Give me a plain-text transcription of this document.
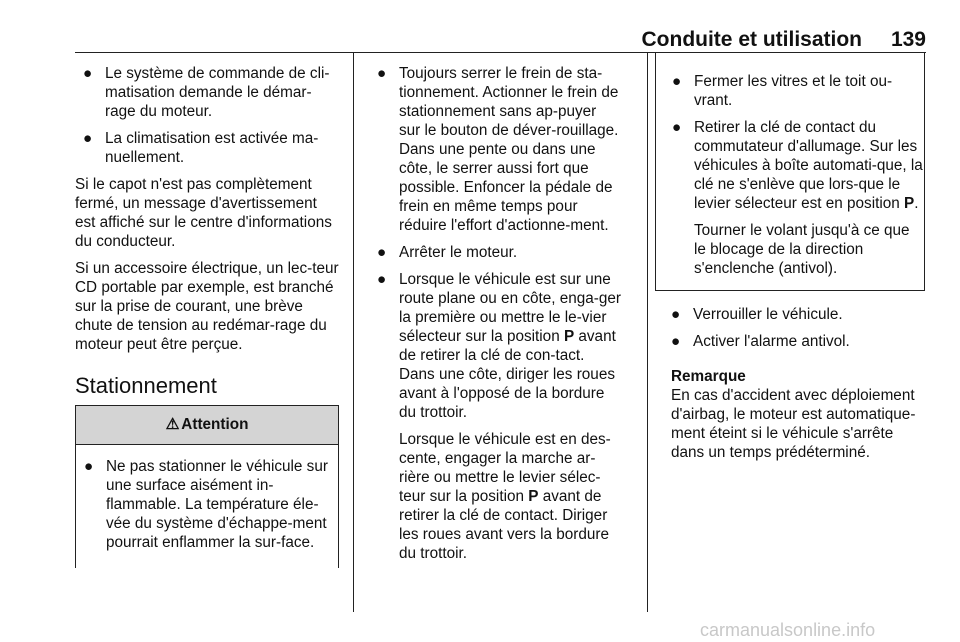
Conduite et utilisation 139
● Le système de commande de cli-matisation demande le démar-rage du moteur.
● La climatisation est activée ma-nuellement.

Si le capot n'est pas complètement fermé, un message d'avertissement est affiché sur le centre d'informations du conducteur.

Si un accessoire électrique, un lec-teur CD portable par exemple, est branché sur la prise de courant, une brève chute de tension au redémar-rage du moteur peut être perçue.

Stationnement
⚠ Attention
● Ne pas stationner le véhicule sur une surface aisément in-flammable. La température éle-vée du système d'échappe-ment pourrait enflammer la sur-face.
● Toujours serrer le frein de sta-tionnement. Actionner le frein de stationnement sans ap-puyer sur le bouton de déver-rouillage. Dans une pente ou dans une côte, le serrer aussi fort que possible. Enfoncer la pédale de frein en même temps pour réduire l'effort d'actionne-ment.
● Arrêter le moteur.
● Lorsque le véhicule est sur une route plane ou en côte, enga-ger la première ou mettre le le-vier sélecteur sur la position P avant de retirer la clé de con-tact. Dans une côte, diriger les roues avant à l'opposé de la bordure du trottoir.
Lorsque le véhicule est en des-cente, engager la marche ar-rière ou mettre le levier sélec-teur sur la position P avant de retirer la clé de contact. Diriger les roues avant vers la bordure du trottoir.
● Fermer les vitres et le toit ou-vrant.
● Retirer la clé de contact du commutateur d'allumage. Sur les véhicules à boîte automati-que, la clé ne s'enlève que lors-que le levier sélecteur est en position P.
Tourner le volant jusqu'à ce que le blocage de la direction s'enclenche (antivol).
● Verrouiller le véhicule.
● Activer l'alarme antivol.
Remarque
En cas d'accident avec déploiement d'airbag, le moteur est automatique-ment éteint si le véhicule s'arrête dans un temps prédéterminé.
carmanualsonline.info
